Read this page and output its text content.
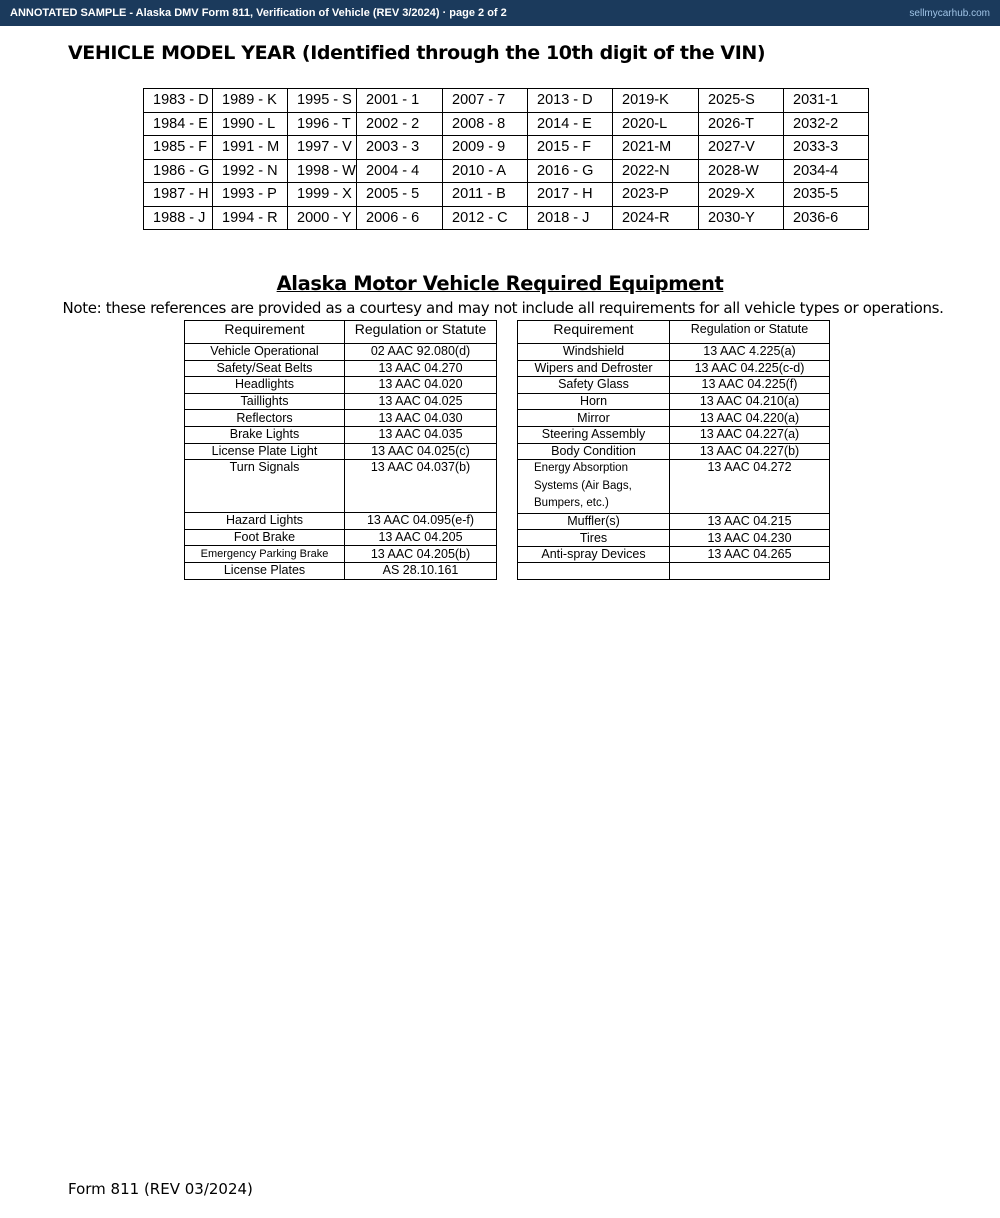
ANNOTATED SAMPLE - Alaska DMV Form 811, Verification of Vehicle (REV 3/2024) · page 2 of 2	sellmycarhub.com
VEHICLE MODEL YEAR (Identified through the 10th digit of the VIN)
1983 - D	1989 - K	1995 - S	2001 - 1	2007 - 7	2013 - D	2019-K	2025-S	2031-1
1984 - E	1990 - L	1996 - T	2002 - 2	2008 - 8	2014 - E	2020-L	2026-T	2032-2
1985 - F	1991 - M	1997 - V	2003 - 3	2009 - 9	2015 - F	2021-M	2027-V	2033-3
1986 - G	1992 - N	1998 - W	2004 - 4	2010 - A	2016 - G	2022-N	2028-W	2034-4
1987 - H	1993 - P	1999 - X	2005 - 5	2011 - B	2017 - H	2023-P	2029-X	2035-5
1988 - J	1994 - R	2000 - Y	2006 - 6	2012 - C	2018 - J	2024-R	2030-Y	2036-6
Alaska Motor Vehicle Required Equipment
Note: these references are provided as a courtesy and may not include all requirements for all vehicle types or operations.
Requirement	Regulation or Statute
Vehicle Operational	02 AAC 92.080(d)
Safety/Seat Belts	13 AAC 04.270
Headlights	13 AAC 04.020
Taillights	13 AAC 04.025
Reflectors	13 AAC 04.030
Brake Lights	13 AAC 04.035
License Plate Light	13 AAC 04.025(c)
Turn Signals	13 AAC 04.037(b)
Hazard Lights	13 AAC 04.095(e-f)
Foot Brake	13 AAC 04.205
Emergency Parking Brake	13 AAC 04.205(b)
License Plates	AS 28.10.161
Requirement	Regulation or Statute
Windshield	13 AAC 4.225(a)
Wipers and Defroster	13 AAC 04.225(c-d)
Safety Glass	13 AAC 04.225(f)
Horn	13 AAC 04.210(a)
Mirror	13 AAC 04.220(a)
Steering Assembly	13 AAC 04.227(a)
Body Condition	13 AAC 04.227(b)
Energy Absorption Systems (Air Bags, Bumpers, etc.)	13 AAC 04.272
Muffler(s)	13 AAC 04.215
Tires	13 AAC 04.230
Anti-spray Devices	13 AAC 04.265

Form 811 (REV 03/2024)
